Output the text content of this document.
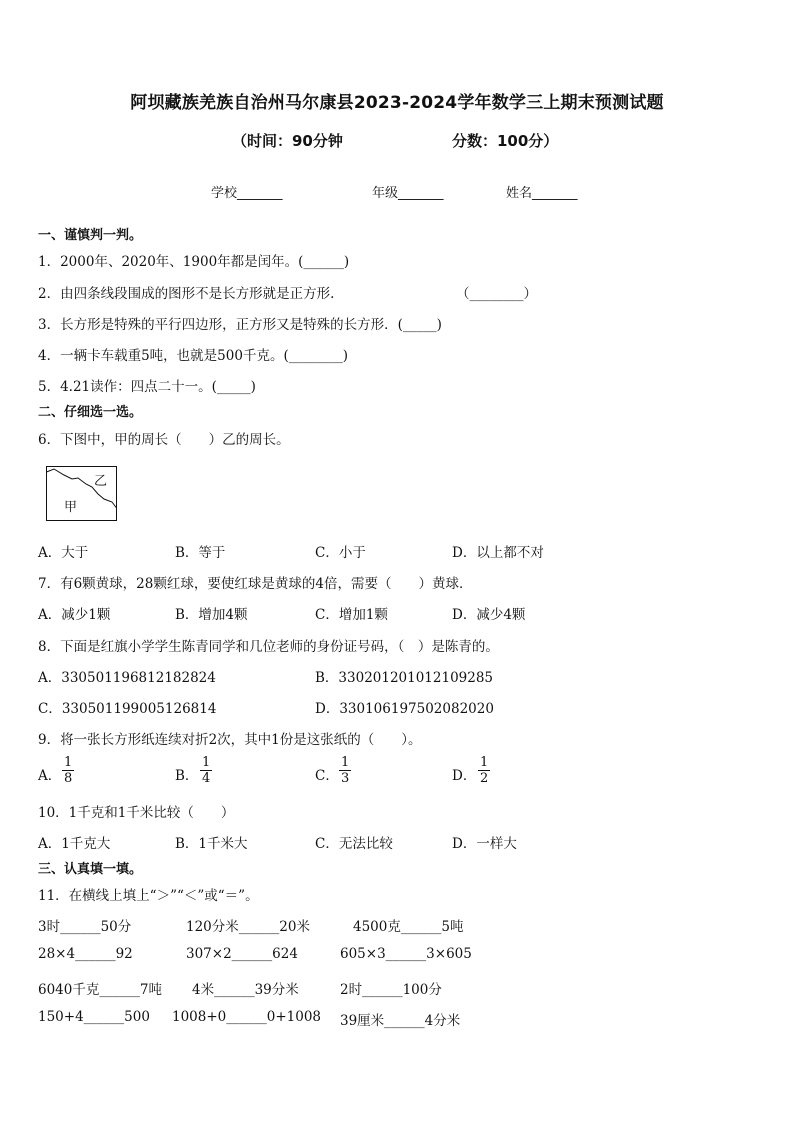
阿坝藏族羌族自治州马尔康县2023-2024学年数学三上期末预测试题
（时间：90分钟	分数：100分）
学校_______	年级_______	姓名_______
一、谨慎判一判。
1．2000年、2020年、1900年都是闰年。(______)
2．由四条线段围成的图形不是长方形就是正方形.	（________）
3．长方形是特殊的平行四边形，正方形又是特殊的长方形．(_____)
4．一辆卡车载重5吨，也就是500千克。(________)
5．4.21读作：四点二十一。(_____)
二、仔细选一选。
6．下图中，甲的周长（　　）乙的周长。
乙
甲
A．大于	B．等于	C．小于	D．以上都不对
7．有6颗黄球，28颗红球，要使红球是黄球的4倍，需要（　　）黄球．
A．减少1颗	B．增加4颗	C．增加1颗	D．减少4颗
8．下面是红旗小学学生陈青同学和几位老师的身份证号码，（　）是陈青的。
A．330501196812182824	B．330201201012109285
C．330501199005126814	D．330106197502082020
9．将一张长方形纸连续对折2次，其中1份是这张纸的（　　）。
A． $\frac{1}{8}$	B． $\frac{1}{4}$	C． $\frac{1}{3}$	D． $\frac{1}{2}$
10．1千克和1千米比较（　　）
A．1千克大	B．1千米大	C．无法比较	D．一样大
三、认真填一填。
11．在横线上填上“＞”“＜”或“＝”。
3时______50分	120分米______20米	4500克______5吨
28×4______92	307×2______624	605×3______3×605
6040千克______7吨 4米______39分米	2时______100分
150+4______500 1008+0______0+1008 39厘米______4分米
